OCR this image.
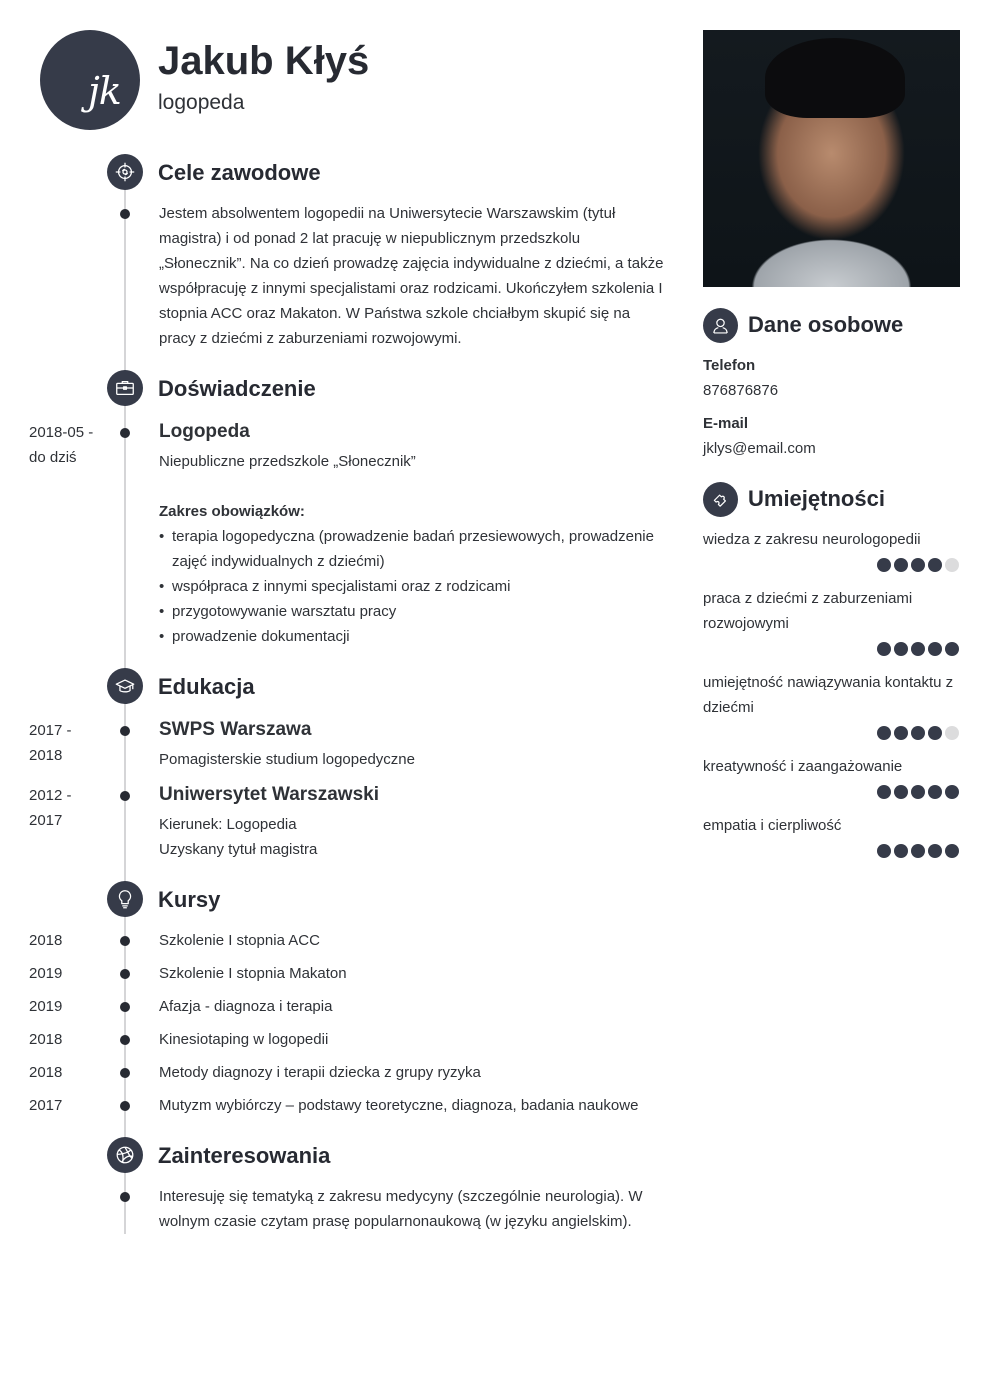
jk
Jakub Kłyś
logopeda
Cele zawodowe
Jestem absolwentem logopedii na Uniwersytecie Warszawskim (tytuł magistra) i od ponad 2 lat pracuję w niepublicznym przedszkolu „Słonecznik”. Na co dzień prowadzę zajęcia indywidualne z dziećmi, a także współpracuję z innymi specjalistami oraz rodzicami. Ukończyłem szkolenia I stopnia ACC oraz Makaton. W Państwa szkole chciałbym skupić się na pracy z dziećmi z zaburzeniami rozwojowymi.
Doświadczenie
2018-05 -
do dziś
Logopeda
Niepubliczne przedszkole „Słonecznik”
Zakres obowiązków:
• terapia logopedyczna (prowadzenie badań przesiewowych, prowadzenie zajęć indywidualnych z dziećmi)
• współpraca z innymi specjalistami oraz z rodzicami
• przygotowywanie warsztatu pracy
• prowadzenie dokumentacji
Edukacja
2017 -
2018
SWPS Warszawa
Pomagisterskie studium logopedyczne
2012 -
2017
Uniwersytet Warszawski
Kierunek: Logopedia
Uzyskany tytuł magistra
Kursy
2018	Szkolenie I stopnia ACC
2019	Szkolenie I stopnia Makaton
2019	Afazja - diagnoza i terapia
2018	Kinesiotaping w logopedii
2018	Metody diagnozy i terapii dziecka z grupy ryzyka
2017	Mutyzm wybiórczy – podstawy teoretyczne, diagnoza, badania naukowe
Zainteresowania
Interesuję się tematyką z zakresu medycyny (szczególnie neurologia). W wolnym czasie czytam prasę popularnonaukową (w języku angielskim).
Dane osobowe
Telefon
876876876
E-mail
jklys@email.com
Umiejętności
wiedza z zakresu neurologopedii
praca z dziećmi z zaburzeniami rozwojowymi
umiejętność nawiązywania kontaktu z dziećmi
kreatywność i zaangażowanie
empatia i cierpliwość
